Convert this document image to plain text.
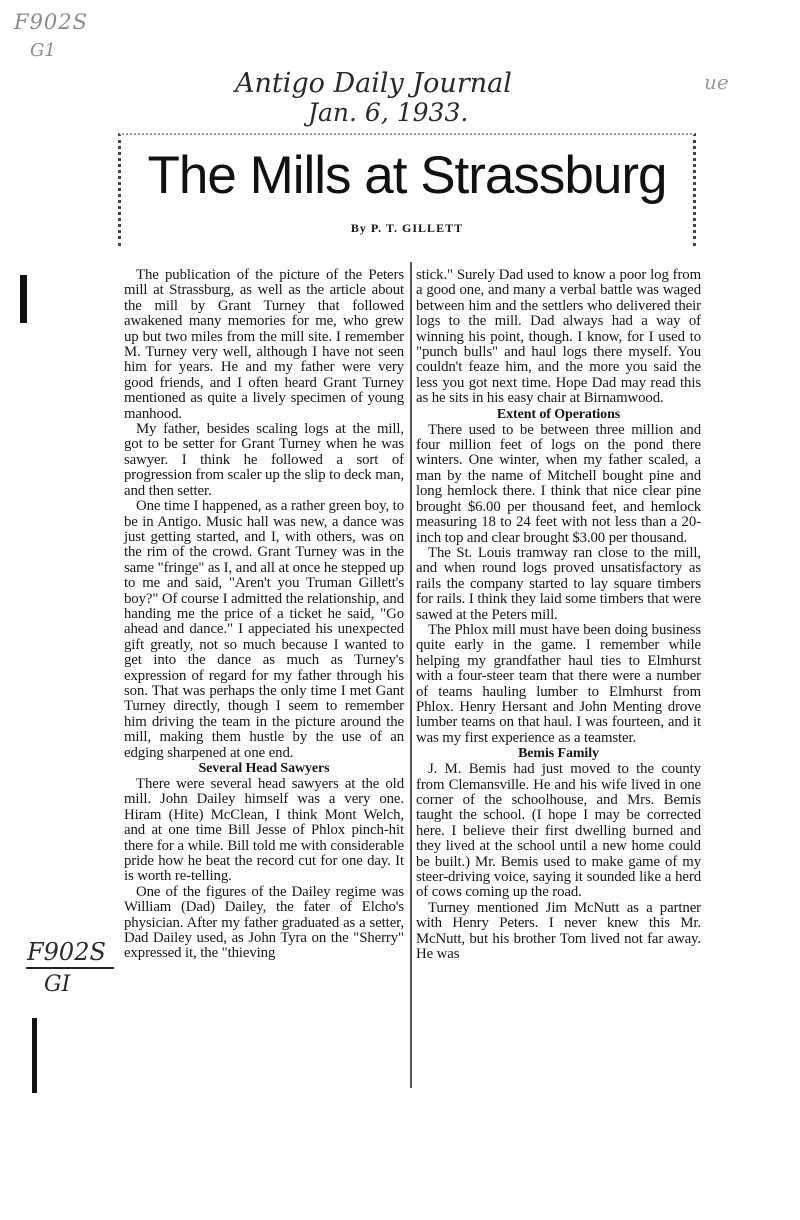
F902S
G1
Antigo Daily Journal
Jan. 6, 1933.
ue
F902S
GI
The Mills at Strassburg
By P. T. GILLETT

The publication of the picture of the Peters mill at Strassburg, as well as the article about the mill by Grant Turney that followed awakened many memories for me, who grew up but two miles from the mill site. I remember M. Turney very well, although I have not seen him for years. He and my father were very good friends, and I often heard Grant Turney mentioned as quite a lively specimen of young manhood.

My father, besides scaling logs at the mill, got to be setter for Grant Turney when he was sawyer. I think he followed a sort of progression from scaler up the slip to deck man, and then setter.

One time I happened, as a rather green boy, to be in Antigo. Music hall was new, a dance was just getting started, and I, with others, was on the rim of the crowd. Grant Turney was in the same "fringe" as I, and all at once he stepped up to me and said, "Aren't you Truman Gillett's boy?" Of course I admitted the relationship, and handing me the price of a ticket he said, "Go ahead and dance." I appeciated his unexpected gift greatly, not so much because I wanted to get into the dance as much as Turney's expression of regard for my father through his son. That was perhaps the only time I met Gant Turney directly, though I seem to remember him driving the team in the picture around the mill, making them hustle by the use of an edging sharpened at one end.

Several Head Sawyers

There were several head sawyers at the old mill. John Dailey himself was a very one. Hiram (Hite) McClean, I think Mont Welch, and at one time Bill Jesse of Phlox pinch-hit there for a while. Bill told me with considerable pride how he beat the record cut for one day. It is worth re-telling.

One of the figures of the Dailey regime was William (Dad) Dailey, the fater of Elcho's physician. After my father graduated as a setter, Dad Dailey used, as John Tyra on the "Sherry" expressed it, the "thieving

stick." Surely Dad used to know a poor log from a good one, and many a verbal battle was waged between him and the settlers who delivered their logs to the mill. Dad always had a way of winning his point, though. I know, for I used to "punch bulls" and haul logs there myself. You couldn't feaze him, and the more you said the less you got next time. Hope Dad may read this as he sits in his easy chair at Birnamwood.

Extent of Operations

There used to be between three million and four million feet of logs on the pond there winters. One winter, when my father scaled, a man by the name of Mitchell bought pine and long hemlock there. I think that nice clear pine brought $6.00 per thousand feet, and hemlock measuring 18 to 24 feet with not less than a 20-inch top and clear brought $3.00 per thousand.

The St. Louis tramway ran close to the mill, and when round logs proved unsatisfactory as rails the company started to lay square timbers for rails. I think they laid some timbers that were sawed at the Peters mill.

The Phlox mill must have been doing business quite early in the game. I remember while helping my grandfather haul ties to Elmhurst with a four-steer team that there were a number of teams hauling lumber to Elmhurst from Phlox. Henry Hersant and John Menting drove lumber teams on that haul. I was fourteen, and it was my first experience as a teamster.

Bemis Family

J. M. Bemis had just moved to the county from Clemansville. He and his wife lived in one corner of the schoolhouse, and Mrs. Bemis taught the school. (I hope I may be corrected here. I believe their first dwelling burned and they lived at the school until a new home could be built.) Mr. Bemis used to make game of my steer-driving voice, saying it sounded like a herd of cows coming up the road.

Turney mentioned Jim McNutt as a partner with Henry Peters. I never knew this Mr. McNutt, but his brother Tom lived not far away. He was
